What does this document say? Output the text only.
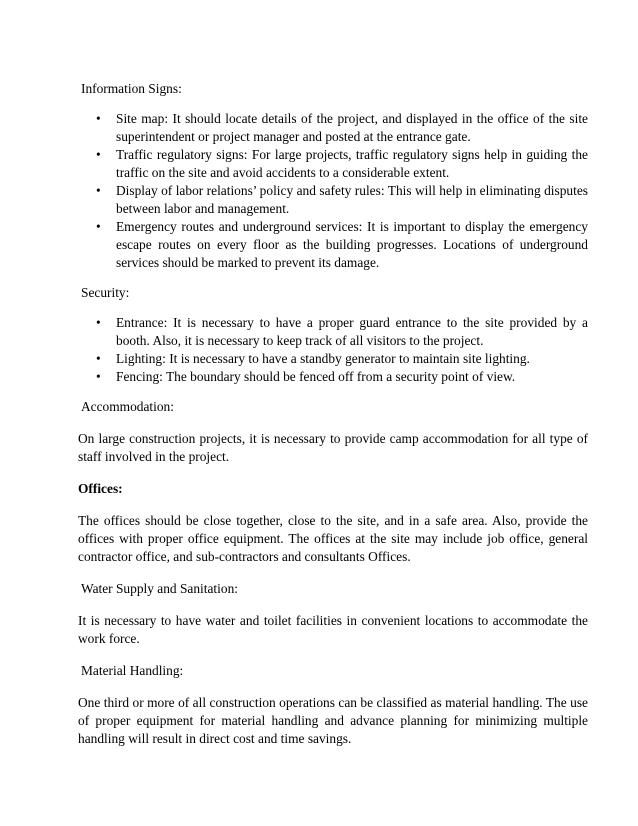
Information Signs:

• Site map: It should locate details of the project, and displayed in the office of the site superintendent or project manager and posted at the entrance gate.
• Traffic regulatory signs: For large projects, traffic regulatory signs help in guiding the traffic on the site and avoid accidents to a considerable extent.
• Display of labor relations’ policy and safety rules: This will help in eliminating disputes between labor and management.
• Emergency routes and underground services: It is important to display the emergency escape routes on every floor as the building progresses. Locations of underground services should be marked to prevent its damage.

Security:

• Entrance: It is necessary to have a proper guard entrance to the site provided by a booth. Also, it is necessary to keep track of all visitors to the project.
• Lighting: It is necessary to have a standby generator to maintain site lighting.
• Fencing: The boundary should be fenced off from a security point of view.

Accommodation:

On large construction projects, it is necessary to provide camp accommodation for all type of staff involved in the project.

Offices:

The offices should be close together, close to the site, and in a safe area. Also, provide the offices with proper office equipment. The offices at the site may include job office, general contractor office, and sub-contractors and consultants Offices.

Water Supply and Sanitation:

It is necessary to have water and toilet facilities in convenient locations to accommodate the work force.

Material Handling:

One third or more of all construction operations can be classified as material handling. The use of proper equipment for material handling and advance planning for minimizing multiple handling will result in direct cost and time savings.
